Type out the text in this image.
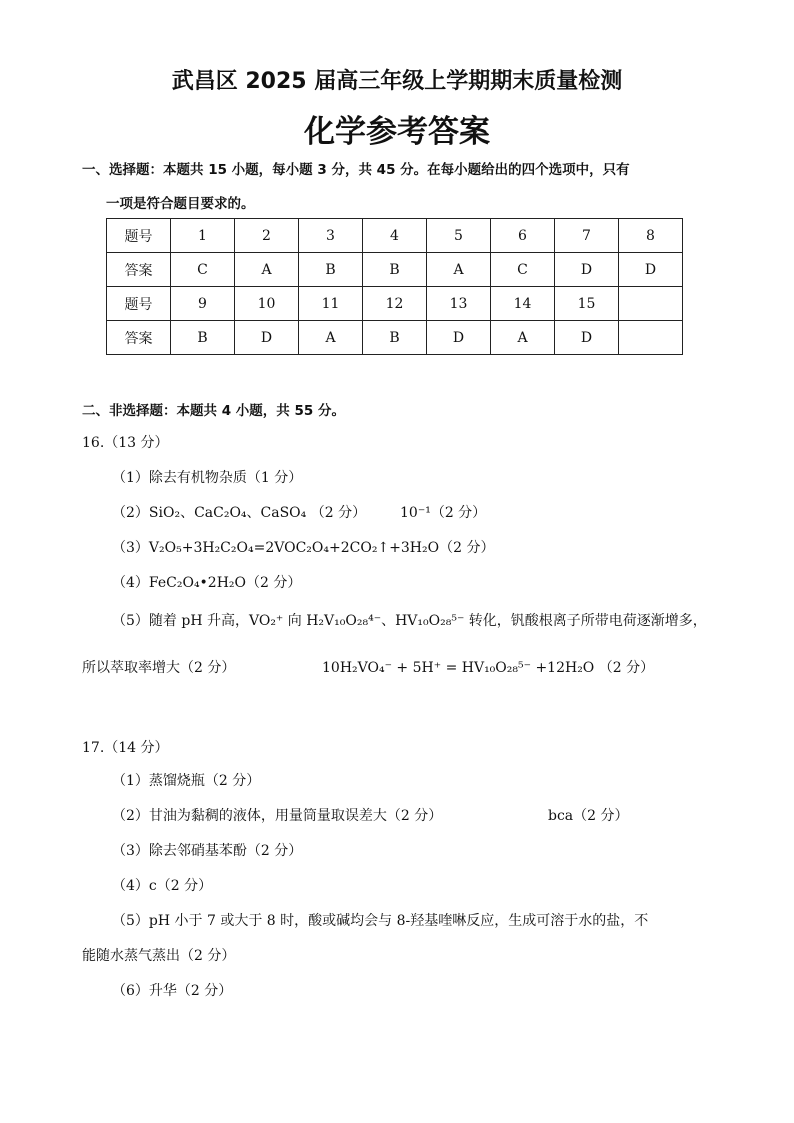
武昌区 2025 届高三年级上学期期末质量检测
化学参考答案
一、选择题：本题共 15 小题，每小题 3 分，共 45 分。在每小题给出的四个选项中，只有
一项是符合题目要求的。
题号	1	2	3	4	5	6	7	8
答案	C	A	B	B	A	C	D	D
题号	9	10	11	12	13	14	15	
答案	B	D	A	B	D	A	D	
二、非选择题：本题共 4 小题，共 55 分。
16.（13 分）
（1）除去有机物杂质（1 分）
（2）SiO₂、CaC₂O₄、CaSO₄ （2 分） 10⁻¹（2 分）
（3）V₂O₅+3H₂C₂O₄=2VOC₂O₄+2CO₂↑+3H₂O（2 分）
（4）FeC₂O₄•2H₂O（2 分）
（5）随着 pH 升高，VO₂⁺ 向 H₂V₁₀O₂₈⁴⁻、HV₁₀O₂₈⁵⁻ 转化，钒酸根离子所带电荷逐渐增多，
所以萃取率增大（2 分）	10H₂VO₄⁻ + 5H⁺ = HV₁₀O₂₈⁵⁻ +12H₂O （2 分）
17.（14 分）
（1）蒸馏烧瓶（2 分）
（2）甘油为黏稠的液体，用量筒量取误差大（2 分）	bca（2 分）
（3）除去邻硝基苯酚（2 分）
（4）c（2 分）
（5）pH 小于 7 或大于 8 时，酸或碱均会与 8-羟基喹啉反应，生成可溶于水的盐，不
能随水蒸气蒸出（2 分）
（6）升华（2 分）
